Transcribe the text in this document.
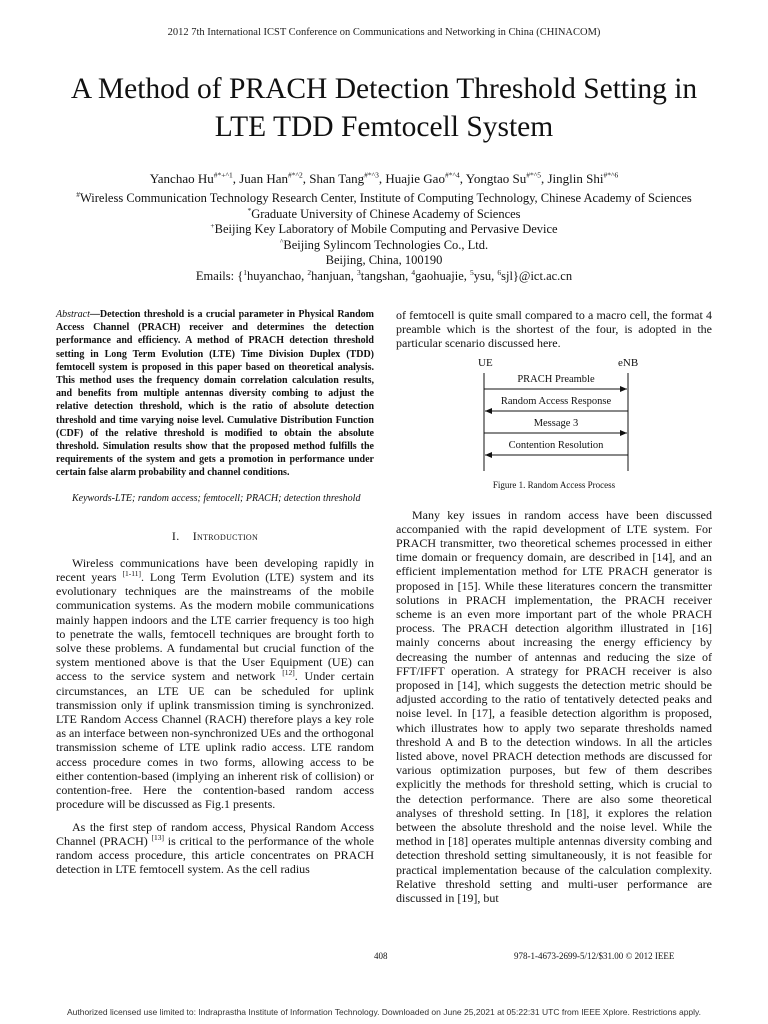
2012 7th International ICST Conference on Communications and Networking in China (CHINACOM)
A Method of PRACH Detection Threshold Setting in
LTE TDD Femtocell System
Yanchao $Hu^{\#*+\^{}1}$, Juan Han$^{\#*\^{}2}$, Shan Tang$^{\#*\^{}3}$, Huajie Gao$^{\#*\^{}4}$, Yongtao $Su^{\#*\^{}5}$, Jinglin Shi$^{\#*\^{}6}$
#Wireless Communication Technology Research Center, Institute of Computing Technology, Chinese Academy of Sciences
*Graduate University of Chinese Academy of Sciences
+Beijing Key Laboratory of Mobile Computing and Pervasive Device
^Beijing Sylincom Technologies Co., Ltd.
Beijing, China, 100190
Emails: {$^1$huyanchao, $^2$hanjuan, $^3$tangshan, $^4$gaohuajie, $^5$ysu, $^6$sjl}@ict.ac.cn

Abstract—Detection threshold is a crucial parameter in Physical Random Access Channel (PRACH) receiver and determines the detection performance and efficiency. A method of PRACH detection threshold setting in Long Term Evolution (LTE) Time Division Duplex (TDD) femtocell system is proposed in this paper based on theoretical analysis. This method uses the frequency domain correlation calculation results, and benefits from multiple antennas diversity combing to adjust the relative detection threshold, which is the ratio of absolute detection threshold and time varying noise level. Cumulative Distribution Function (CDF) of the relative threshold is modified to obtain the absolute threshold. Simulation results show that the proposed method fulfills the requirements of the system and gets a promotion in performance under certain false alarm probability and channel conditions.

Keywords-LTE; random access; femtocell; PRACH; detection threshold

I. Introduction

Wireless communications have been developing rapidly in recent years [1-11]. Long Term Evolution (LTE) system and its evolutionary techniques are the mainstreams of the mobile communication systems. As the modern mobile communications mainly happen indoors and the LTE carrier frequency is too high to penetrate the walls, femtocell techniques are brought forth to solve these problems. A fundamental but crucial function of the system mentioned above is that the User Equipment (UE) can access to the service system and network [12]. Under certain circumstances, an LTE UE can be scheduled for uplink transmission only if uplink transmission timing is synchronized. LTE Random Access Channel (RACH) therefore plays a key role as an interface between non-synchronized UEs and the orthogonal transmission scheme of LTE uplink radio access. LTE random access procedure comes in two forms, allowing access to be either contention-based (implying an inherent risk of collision) or contention-free. Here the contention-based random access procedure will be discussed as Fig.1 presents.

As the first step of random access, Physical Random Access Channel (PRACH) [13] is critical to the performance of the whole random access procedure, this article concentrates on PRACH detection in LTE femtocell system. As the cell radius

of femtocell is quite small compared to a macro cell, the format 4 preamble which is the shortest of the four, is adopted in the particular scenario discussed here.

UE	eNB
PRACH Preamble
Random Access Response
Message 3
Contention Resolution
Figure 1. Random Access Process

Many key issues in random access have been discussed accompanied with the rapid development of LTE system. For PRACH transmitter, two theoretical schemes processed in either time domain or frequency domain, are described in [14], and an efficient implementation method for LTE PRACH generator is proposed in [15]. While these literatures concern the transmitter solutions in PRACH implementation, the PRACH receiver scheme is an even more important part of the whole PRACH process. The PRACH detection algorithm illustrated in [16] mainly concerns about increasing the energy efficiency by decreasing the number of antennas and reducing the size of FFT/IFFT operation. A strategy for PRACH receiver is also proposed in [14], which suggests the detection metric should be adjusted according to the ratio of tentatively detected peaks and noise level. In [17], a feasible detection algorithm is proposed, which illustrates how to apply two separate thresholds named threshold A and B to the detection windows. In all the articles listed above, novel PRACH detection methods are discussed for various optimization purposes, but few of them describes explicitly the methods for threshold setting, which is crucial to the detection performance. There are also some theoretical analyses of threshold setting. In [18], it explores the relation between the absolute threshold and the noise level. While the method in [18] operates multiple antennas diversity combing and detection threshold setting simultaneously, it is not feasible for practical implementation because of the calculation complexity. Relative threshold setting and multi-user performance are discussed in [19], but

408	978-1-4673-2699-5/12/$31.00 © 2012 IEEE
Authorized licensed use limited to: Indraprastha Institute of Information Technology. Downloaded on June 25,2021 at 05:22:31 UTC from IEEE Xplore. Restrictions apply.
